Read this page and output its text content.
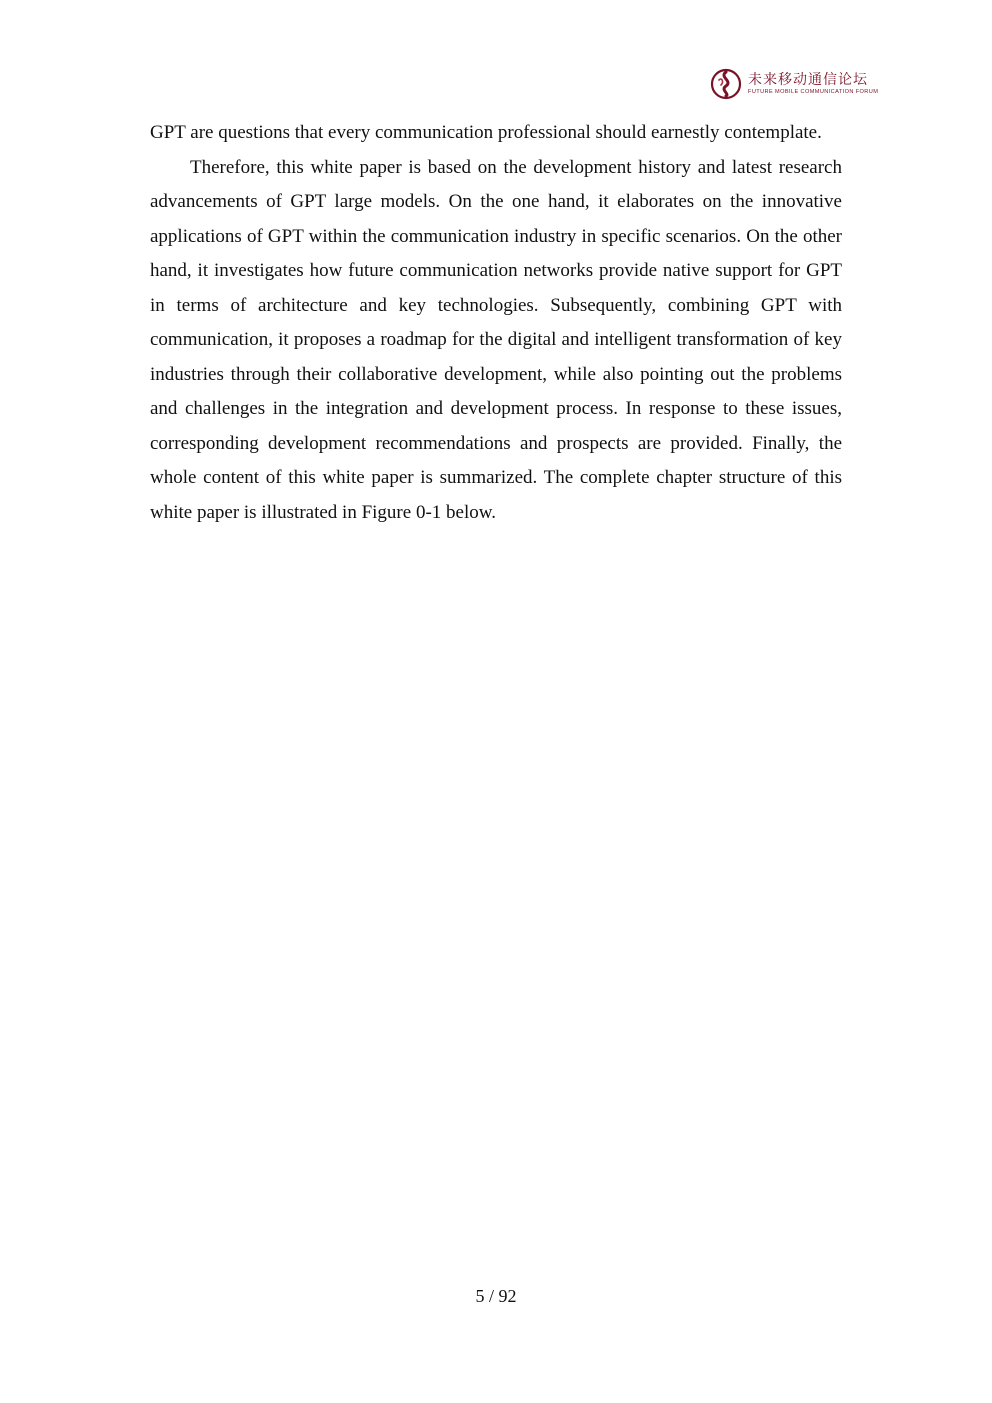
未来移动通信论坛
FUTURE MOBILE COMMUNICATION FORUM

GPT are questions that every communication professional should earnestly contemplate.

Therefore, this white paper is based on the development history and latest research advancements of GPT large models. On the one hand, it elaborates on the innovative applications of GPT within the communication industry in specific scenarios. On the other hand, it investigates how future communication networks provide native support for GPT in terms of architecture and key technologies. Subsequently, combining GPT with communication, it proposes a roadmap for the digital and intelligent transformation of key industries through their collaborative development, while also pointing out the problems and challenges in the integration and development process. In response to these issues, corresponding development recommendations and prospects are provided. Finally, the whole content of this white paper is summarized. The complete chapter structure of this white paper is illustrated in Figure 0-1 below.

5 / 92
